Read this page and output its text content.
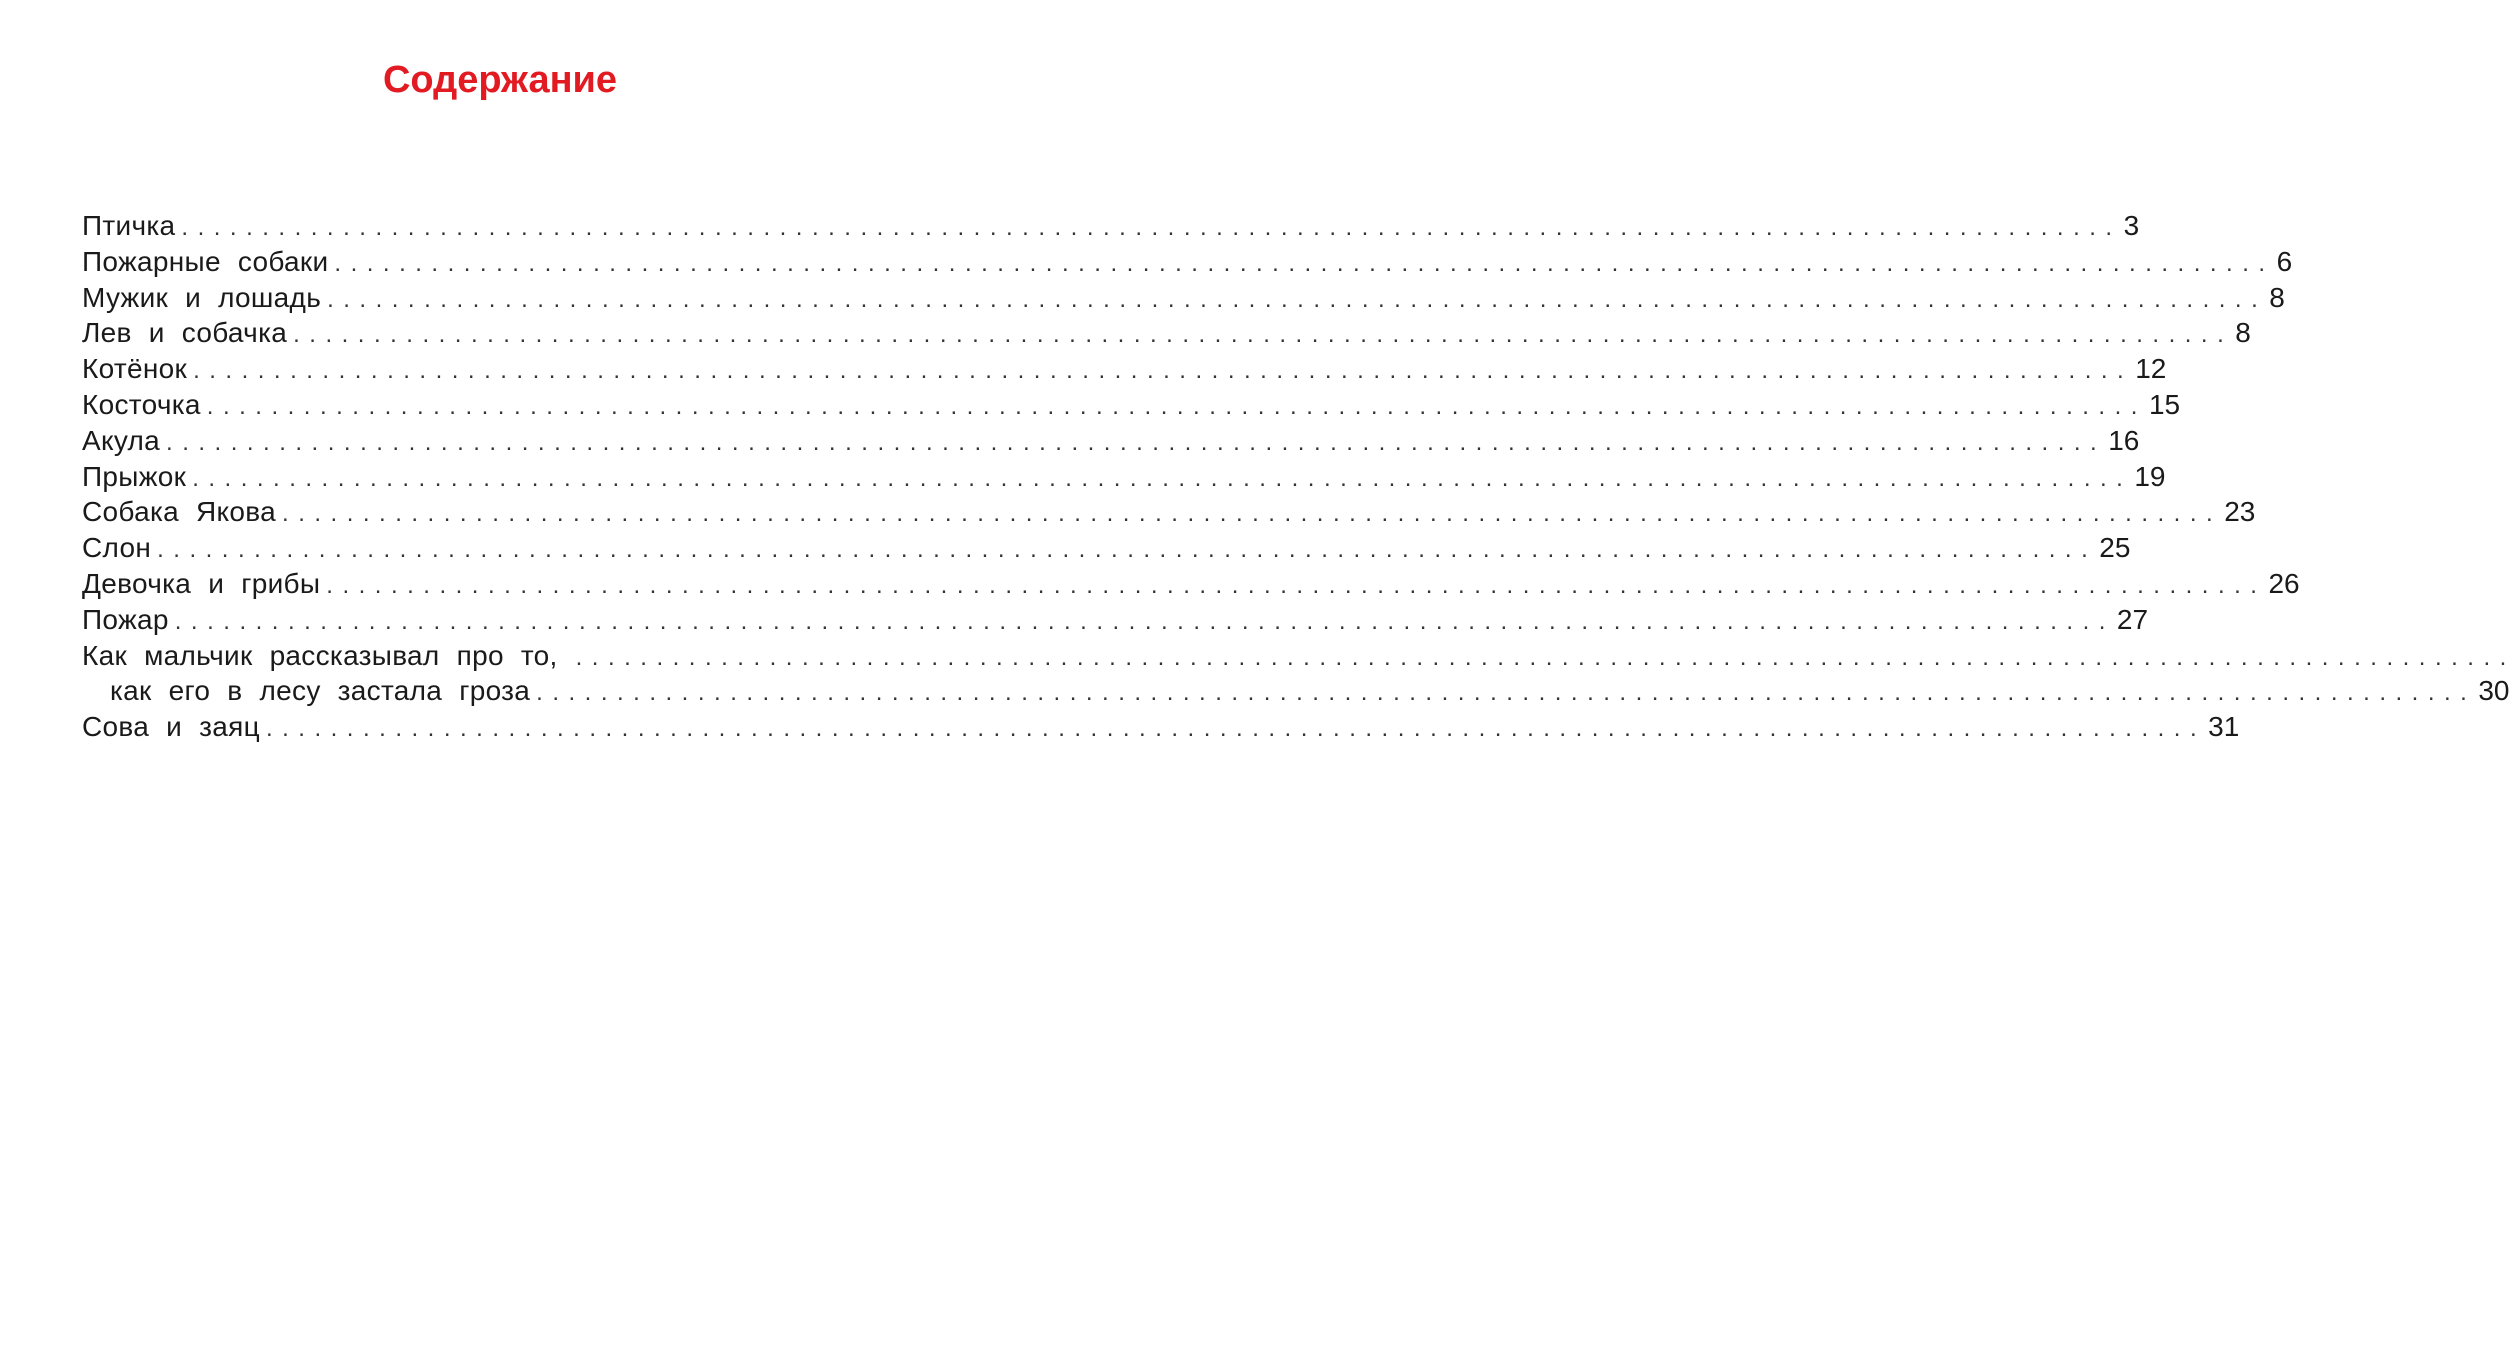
Содержание
Птичка ........................................................................................................................ 3
Пожарные собаки ........................................................................................................................ 6
Мужик и лошадь ........................................................................................................................ 8
Лев и собачка ........................................................................................................................ 8
Котёнок ........................................................................................................................ 12
Косточка ........................................................................................................................ 15
Акула ........................................................................................................................ 16
Прыжок ........................................................................................................................ 19
Собака Якова ........................................................................................................................ 23
Слон ........................................................................................................................ 25
Девочка и грибы ........................................................................................................................ 26
Пожар ........................................................................................................................ 27
Как мальчик рассказывал про то, ........................................................................................................................
как его в лесу застала гроза ........................................................................................................................ 30
Сова и заяц ........................................................................................................................ 31
